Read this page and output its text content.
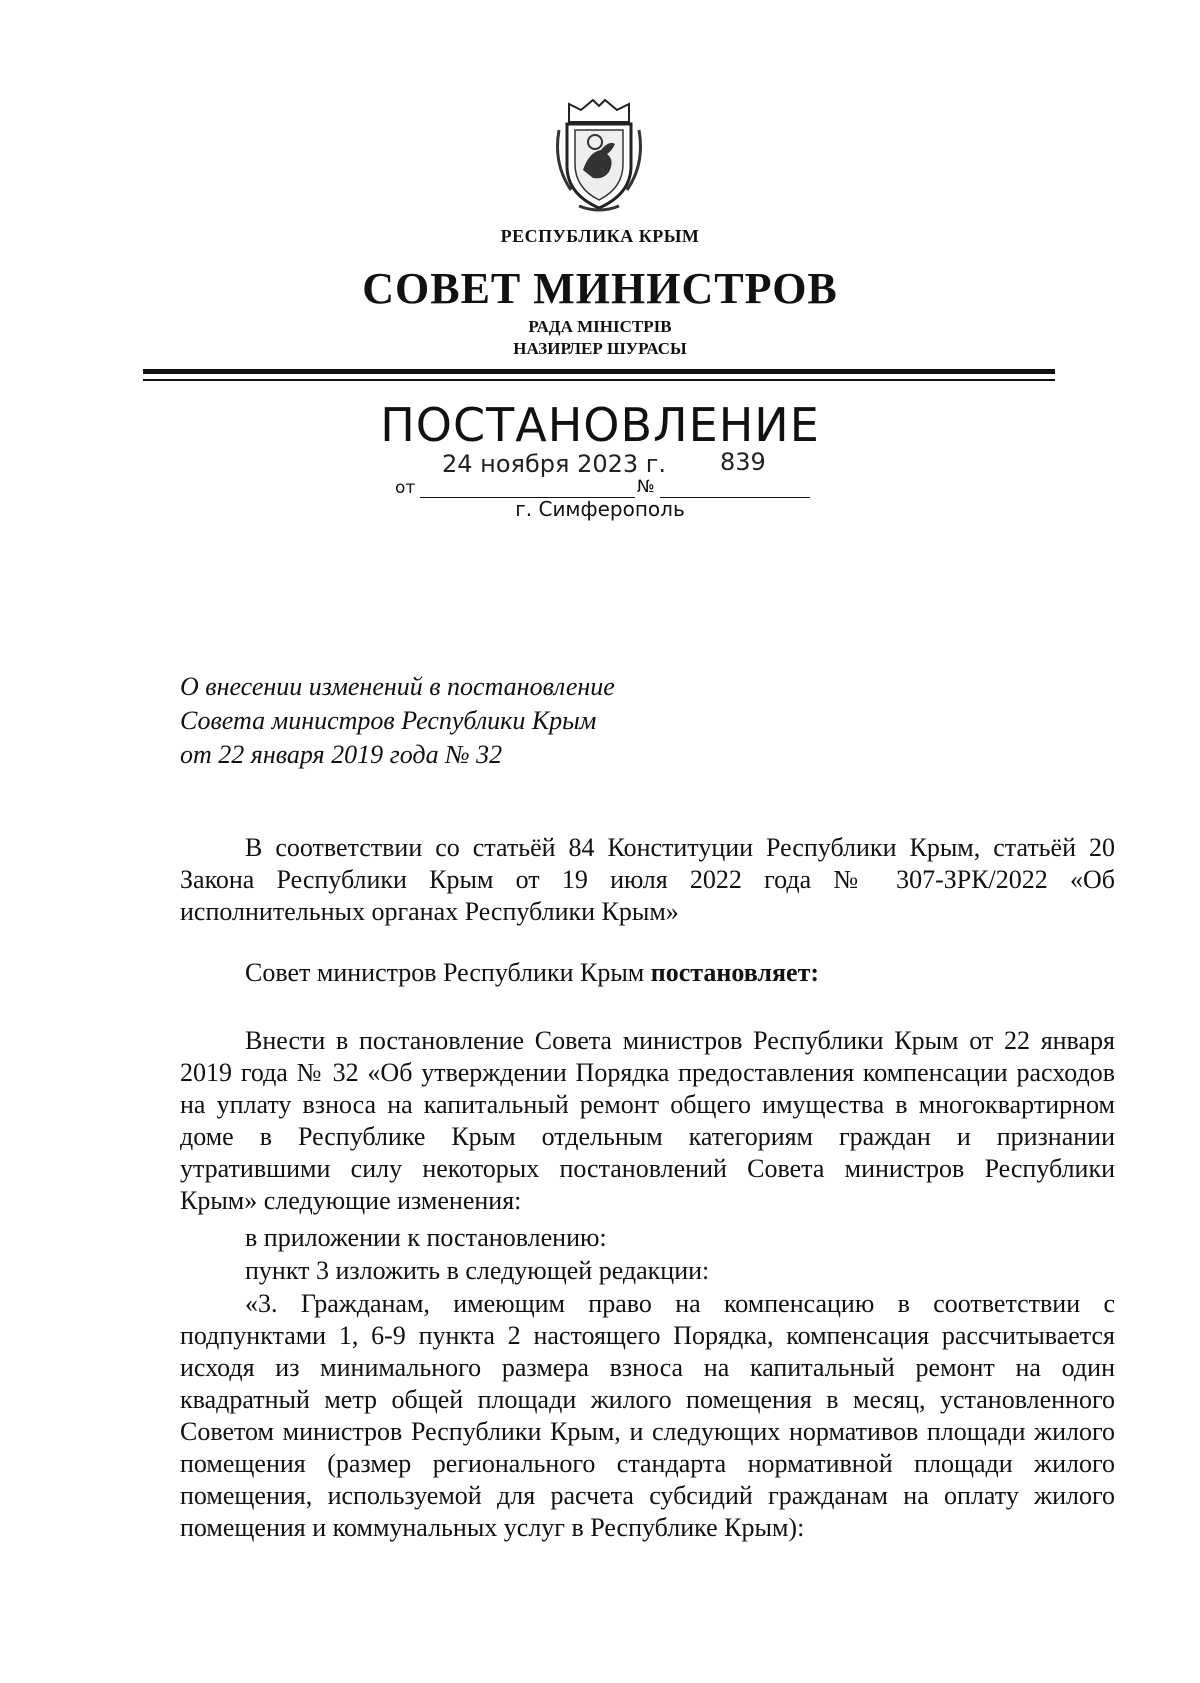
РЕСПУБЛИКА КРЫМ
СОВЕТ МИНИСТРОВ
РАДА МІНІСТРІВ
НАЗИРЛЕР ШУРАСЫ
ПОСТАНОВЛЕНИЕ
от
24 ноября 2023 г.
№
839
г. Симферополь
О внесении изменений в постановление
Совета министров Республики Крым
от 22 января 2019 года № 32
В соответствии со статьёй 84 Конституции Республики Крым, статьёй 20 Закона Республики Крым от 19 июля 2022 года № 307-ЗРК/2022 «Об исполнительных органах Республики Крым»
Совет министров Республики Крым постановляет:
Внести в постановление Совета министров Республики Крым от 22 января 2019 года № 32 «Об утверждении Порядка предоставления компенсации расходов на уплату взноса на капитальный ремонт общего имущества в многоквартирном доме в Республике Крым отдельным категориям граждан и признании утратившими силу некоторых постановлений Совета министров Республики Крым» следующие изменения:
в приложении к постановлению:
пункт 3 изложить в следующей редакции:
«3. Гражданам, имеющим право на компенсацию в соответствии с подпунктами 1, 6-9 пункта 2 настоящего Порядка, компенсация рассчитывается исходя из минимального размера взноса на капитальный ремонт на один квадратный метр общей площади жилого помещения в месяц, установленного Советом министров Республики Крым, и следующих нормативов площади жилого помещения (размер регионального стандарта нормативной площади жилого помещения, используемой для расчета субсидий гражданам на оплату жилого помещения и коммунальных услуг в Республике Крым):
